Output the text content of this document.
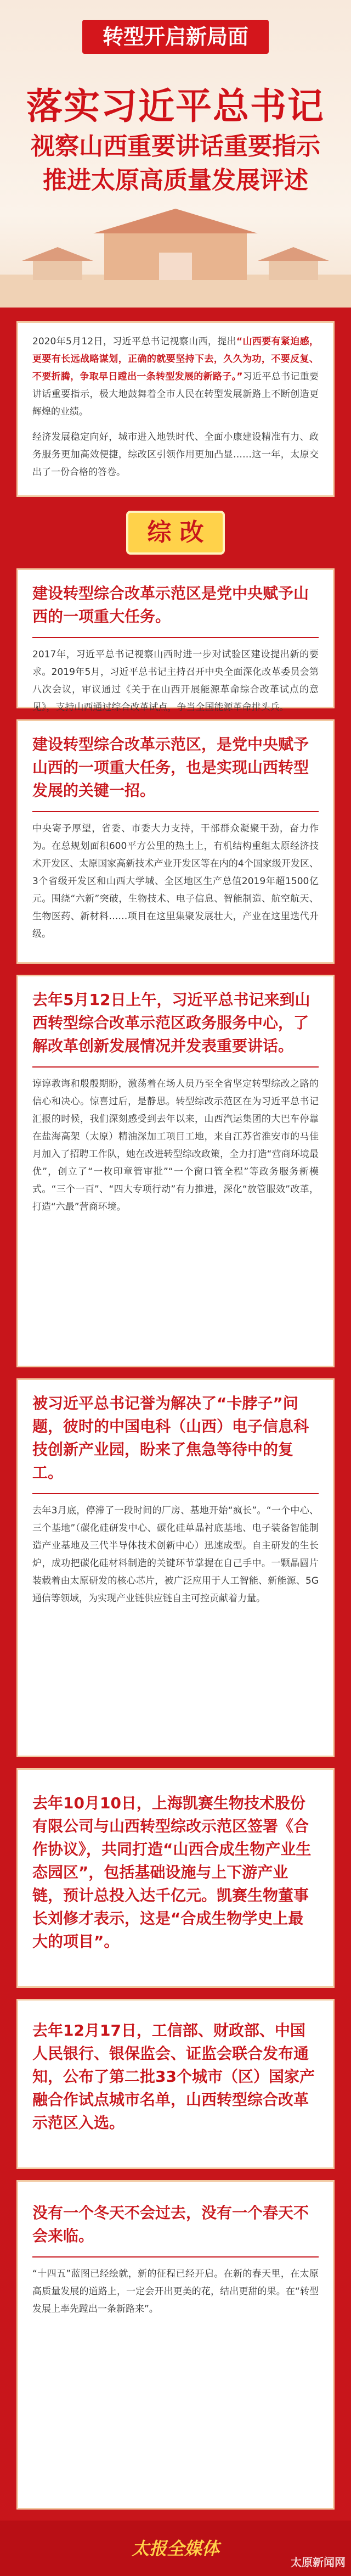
转型开启新局面
落实习近平总书记
视察山西重要讲话重要指示
推进太原高质量发展评述

2020年5月12日，习近平总书记视察山西，提出“山西要有紧迫感，更要有长远战略谋划，正确的就要坚持下去，久久为功，不要反复、不要折腾，争取早日蹚出一条转型发展的新路子。”习近平总书记重要讲话重要指示，极大地鼓舞着全市人民在转型发展新路上不断创造更辉煌的业绩。

经济发展稳定向好，城市进入地铁时代、全面小康建设精准有力、政务服务更加高效便捷，综改区引领作用更加凸显……这一年，太原交出了一份合格的答卷。

综 改
建设转型综合改革示范区是党中央赋予山西的一项重大任务。

2017年，习近平总书记视察山西时进一步对试验区建设提出新的要求。2019年5月，习近平总书记主持召开中央全面深化改革委员会第八次会议，审议通过《关于在山西开展能源革命综合改革试点的意见》，支持山西通过综合改革试点，争当全国能源革命排头兵。

建设转型综合改革示范区，是党中央赋予山西的一项重大任务，也是实现山西转型发展的关键一招。

中央寄予厚望，省委、市委大力支持，干部群众凝聚干劲，奋力作为。在总规划面积600平方公里的热土上，有机结构重组太原经济技术开发区、太原国家高新技术产业开发区等在内的4个国家级开发区、3个省级开发区和山西大学城、全区地区生产总值2019年超1500亿元。围绕“六新”突破，生物技术、电子信息、智能制造、航空航天、生物医药、新材料……项目在这里集聚发展壮大，产业在这里迭代升级。

去年5月12日上午，习近平总书记来到山西转型综合改革示范区政务服务中心，了解改革创新发展情况并发表重要讲话。

谆谆教诲和殷殷期盼，激荡着在场人员乃至全省坚定转型综改之路的信心和决心。惊喜过后，是静思。转型综改示范区在为习近平总书记汇报的时候，我们深刻感受到去年以来，山西汽运集团的大巴车停靠在盐海高架（太原）精油深加工项目工地，来自江苏省淮安市的马佳月加入了招聘工作队，她在改进转型综改政策，全力打造“营商环境最优”，创立了“一枚印章管审批”“一个窗口管全程”等政务服务新模式。“三个一百”、“四大专项行动”有力推进，深化“放管服效”改革，打造“六最”营商环境。

被习近平总书记誉为解决了“卡脖子”问题，彼时的中国电科（山西）电子信息科技创新产业园，盼来了焦急等待中的复工。

去年3月底，停滞了一段时间的厂房、基地开始“疯长”。“一个中心、三个基地”（碳化硅研发中心、碳化硅单晶衬底基地、电子装备智能制造产业基地及三代半导体技术创新中心）迅速成型。自主研发的生长炉，成功把碳化硅材料制造的关键环节掌握在自己手中。一颗晶圆片装载着由太原研发的核心芯片，被广泛应用于人工智能、新能源、5G通信等领域，为实现产业链供应链自主可控贡献着力量。

去年10月10日，上海凯赛生物技术股份有限公司与山西转型综改示范区签署《合作协议》，共同打造“山西合成生物产业生态园区”，包括基础设施与上下游产业链，预计总投入达千亿元。凯赛生物董事长刘修才表示，这是“合成生物学史上最大的项目”。
去年12月17日，工信部、财政部、中国人民银行、银保监会、证监会联合发布通知，公布了第二批33个城市（区）国家产融合作试点城市名单，山西转型综合改革示范区入选。
没有一个冬天不会过去，没有一个春天不会来临。

“十四五”蓝图已经绘就，新的征程已经开启。在新的春天里，在太原高质量发展的道路上，一定会开出更美的花，结出更甜的果。在“转型发展上率先蹚出一条新路来”。

太报全媒体
太原新闻网
